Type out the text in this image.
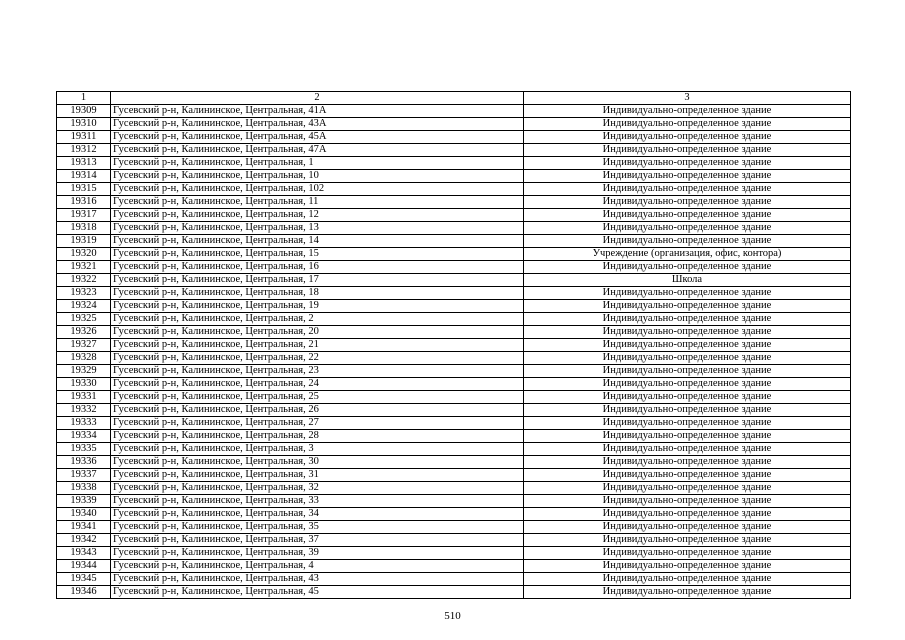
1	2	3
19309	Гусевский р-н, Калининское, Центральная, 41А	Индивидуально-определенное здание
19310	Гусевский р-н, Калининское, Центральная, 43А	Индивидуально-определенное здание
19311	Гусевский р-н, Калининское, Центральная, 45А	Индивидуально-определенное здание
19312	Гусевский р-н, Калининское, Центральная, 47А	Индивидуально-определенное здание
19313	Гусевский р-н, Калининское, Центральная, 1	Индивидуально-определенное здание
19314	Гусевский р-н, Калининское, Центральная, 10	Индивидуально-определенное здание
19315	Гусевский р-н, Калининское, Центральная, 102	Индивидуально-определенное здание
19316	Гусевский р-н, Калининское, Центральная, 11	Индивидуально-определенное здание
19317	Гусевский р-н, Калининское, Центральная, 12	Индивидуально-определенное здание
19318	Гусевский р-н, Калининское, Центральная, 13	Индивидуально-определенное здание
19319	Гусевский р-н, Калининское, Центральная, 14	Индивидуально-определенное здание
19320	Гусевский р-н, Калининское, Центральная, 15	Учреждение (организация, офис, контора)
19321	Гусевский р-н, Калининское, Центральная, 16	Индивидуально-определенное здание
19322	Гусевский р-н, Калининское, Центральная, 17	Школа
19323	Гусевский р-н, Калининское, Центральная, 18	Индивидуально-определенное здание
19324	Гусевский р-н, Калининское, Центральная, 19	Индивидуально-определенное здание
19325	Гусевский р-н, Калининское, Центральная, 2	Индивидуально-определенное здание
19326	Гусевский р-н, Калининское, Центральная, 20	Индивидуально-определенное здание
19327	Гусевский р-н, Калининское, Центральная, 21	Индивидуально-определенное здание
19328	Гусевский р-н, Калининское, Центральная, 22	Индивидуально-определенное здание
19329	Гусевский р-н, Калининское, Центральная, 23	Индивидуально-определенное здание
19330	Гусевский р-н, Калининское, Центральная, 24	Индивидуально-определенное здание
19331	Гусевский р-н, Калининское, Центральная, 25	Индивидуально-определенное здание
19332	Гусевский р-н, Калининское, Центральная, 26	Индивидуально-определенное здание
19333	Гусевский р-н, Калининское, Центральная, 27	Индивидуально-определенное здание
19334	Гусевский р-н, Калининское, Центральная, 28	Индивидуально-определенное здание
19335	Гусевский р-н, Калининское, Центральная, 3	Индивидуально-определенное здание
19336	Гусевский р-н, Калининское, Центральная, 30	Индивидуально-определенное здание
19337	Гусевский р-н, Калининское, Центральная, 31	Индивидуально-определенное здание
19338	Гусевский р-н, Калининское, Центральная, 32	Индивидуально-определенное здание
19339	Гусевский р-н, Калининское, Центральная, 33	Индивидуально-определенное здание
19340	Гусевский р-н, Калининское, Центральная, 34	Индивидуально-определенное здание
19341	Гусевский р-н, Калининское, Центральная, 35	Индивидуально-определенное здание
19342	Гусевский р-н, Калининское, Центральная, 37	Индивидуально-определенное здание
19343	Гусевский р-н, Калининское, Центральная, 39	Индивидуально-определенное здание
19344	Гусевский р-н, Калининское, Центральная, 4	Индивидуально-определенное здание
19345	Гусевский р-н, Калининское, Центральная, 43	Индивидуально-определенное здание
19346	Гусевский р-н, Калининское, Центральная, 45	Индивидуально-определенное здание
510
